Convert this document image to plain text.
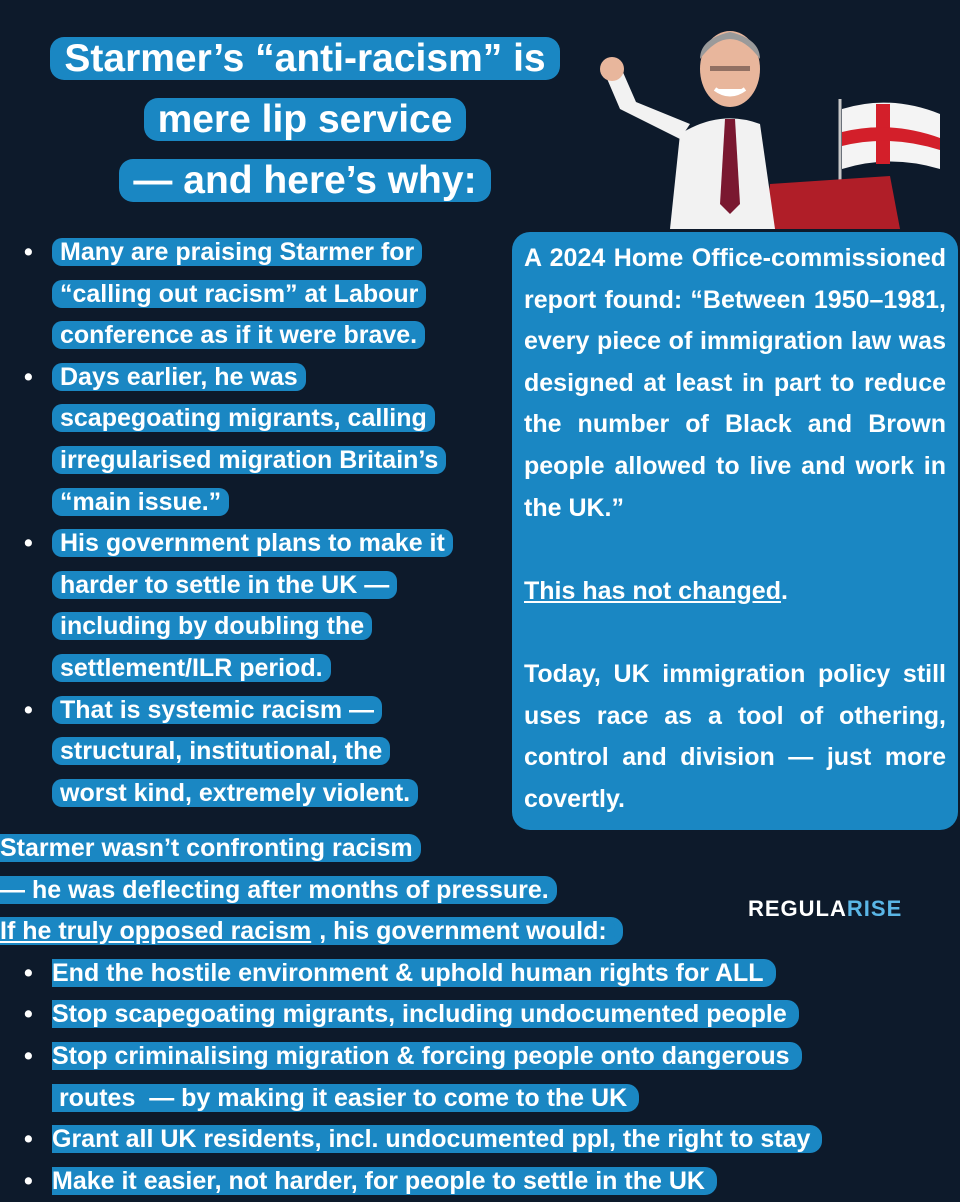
Starmer’s “anti-racism” is
mere lip service
— and here’s why:
• Many are praising Starmer for
“calling out racism” at Labour
conference as if it were brave.
• Days earlier, he was
scapegoating migrants, calling
irregularised migration Britain’s
“main issue.”
• His government plans to make it
harder to settle in the UK —
including by doubling the
settlement/ILR period.
• That is systemic racism —
structural, institutional, the
worst kind, extremely violent.

A 2024 Home Office-commissioned report found: “Between 1950–1981, every piece of immigration law was designed at least in part to reduce the number of Black and Brown people allowed to live and work in the UK.”

This has not changed.

Today, UK immigration policy still uses race as a tool of othering, control and division — just more covertly.

Starmer wasn’t confronting racism
— he was deflecting after months of pressure.
If he truly opposed racism , his government would:
• End the hostile environment & uphold human rights for ALL
• Stop scapegoating migrants, including undocumented people
• Stop criminalising migration & forcing people onto dangerous
routes  — by making it easier to come to the UK
• Grant all UK residents, incl. undocumented ppl, the right to stay
• Make it easier, not harder, for people to settle in the UK
REGULARISE
